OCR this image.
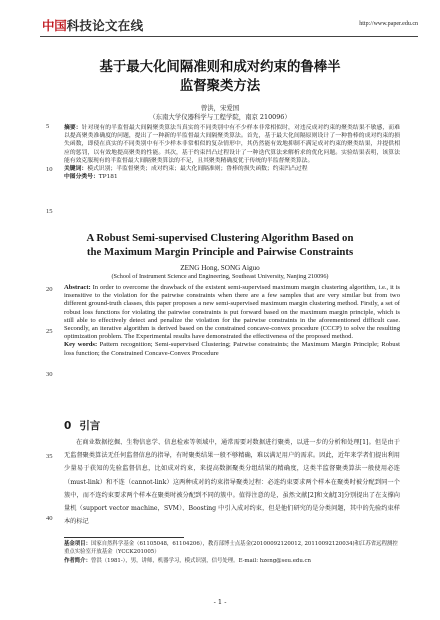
中国 科技论文在线	http://www.paper.edu.cn
基于最大化间隔准则和成对约束的鲁棒半
监督聚类方法
曾洪，宋爱国
（东南大学仪器科学与工程学院，南京 210096）

摘要：针对现有的半监督最大间隔聚类算法当真实的不同类别中有不少样本非常相似时，对违反成对约束的聚类结果不敏感，而难以提高聚类准确度的问题，提出了一种新的半监督最大间隔聚类算法。首先，基于最大化间隔原则设计了一种鲁棒的成对约束的损失函数，即使在真实的不同类别中有不少样本非常相似的复杂情形中，其仍然能有效地抑制不满足成对约束的聚类结果，并提供相应的惩罚，以有效地提高聚类的性能。其次，基于约束凹凸过程设计了一种迭代算法来解析求的优化问题。实验结果表明，该算法能有效克服现有的半监督最大间隔聚类算法的不足，且其聚类精确度优于传统的半监督聚类算法。

关键词：模式识别；半监督聚类；成对约束；最大化间隔准则；鲁棒的损失函数；约束凹凸过程

中图分类号：TP181

A Robust Semi-supervised Clustering Algorithm Based on
the Maximum Margin Principle and Pairwise Constraints
ZENG Hong, SONG Aiguo
(School of Instrument Science and Engineering, Southeast University, Nanjing 210096)

Abstract: In order to overcome the drawback of the existent semi-supervised maximum margin clustering algorithm, i.e., it is insensitive to the violation for the pairwise constraints when there are a few samples that are very similar but from two different ground-truth classes, this paper proposes a new semi-supervised maximum margin clustering method. Firstly, a set of robust loss functions for violating the pairwise constraints is put forward based on the maximum margin principle, which is still able to effectively detect and penalize the violation for the pairwise constraints in the aforementioned difficult case. Secondly, an iterative algorithm is derived based on the constrained concave-convex procedure (CCCP) to solve the resulting optimization problem. The Experimental results have demonstrated the effectiveness of the proposed method.

Key words: Pattern recognition; Semi-supervised Clustering; Pairwise constraints; the Maximum Margin Principle; Robust loss function; the Constrained Concave-Convex Procedure

0 引言

在商业数据挖掘、生物信息学、信息检索等领域中，通常需要对数据进行聚类，以进一步的分析和处理[1]。但是由于无监督聚类算法无任何监督信息的指导，有时聚类结果一般不够精确，难以满足用户的需求。因此，近年来学者们提出利用少量易于获知的先验监督信息，比如成对约束，来提高数据聚类分组结果的精确度，这类半监督聚类算法一般使用必连（must-link）和不连（cannot-link）这两种成对的约束指导聚类过程：必连约束要求两个样本在聚类时被分配到同一个簇中，而不连约束要求两个样本在聚类时被分配到不同的簇中。值得注意的是，虽然文献[2]和文献[3]分别提出了在支撑向量机（support vector machine，SVM）、Boosting 中引入成对约束，但是他们研究的是分类问题，其中的先验约束样本的标记

5
10
15
20
25
30
35
40
基金项目：国家自然科学基金（61105048，61104206），教育部博士点基金(20100092120012, 20110092120034)和江苏省远程测控重点实验室开放基金（YCCK201005）
作者简介：曾洪（1981-），男，讲师，机器学习，模式识别，信号处理。E-mail: hzeng@seu.edu.cn
- 1 -
